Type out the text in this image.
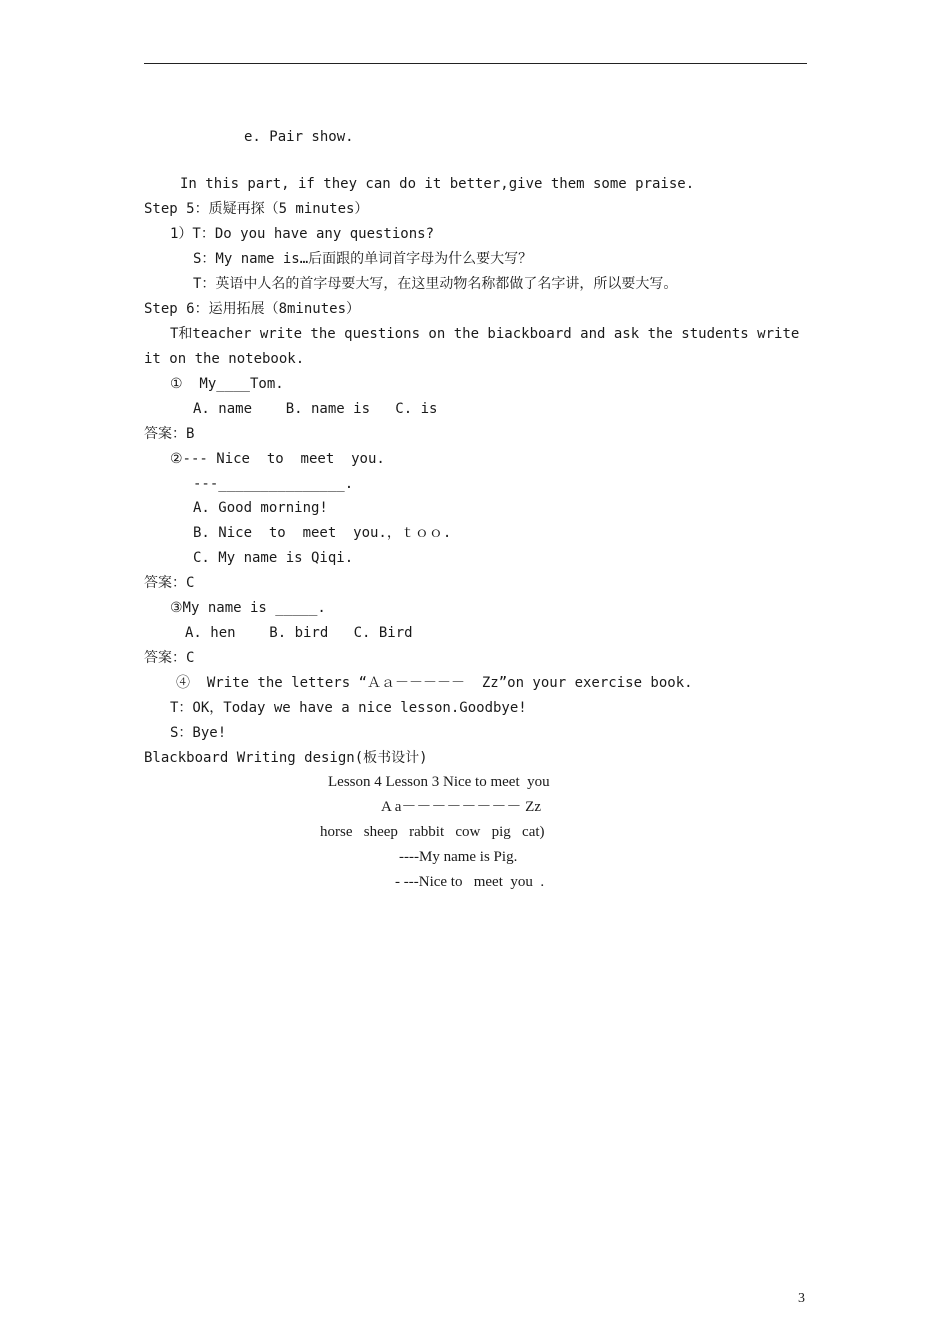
e. Pair show.
In this part, if they can do it better,give them some praise.
Step 5：质疑再探（5 minutes）
1）T：Do you have any questions?
S：My name is…后面跟的单词首字母为什么要大写？
T：英语中人名的首字母要大写，在这里动物名称都做了名字讲，所以要大写。
Step 6：运用拓展（8minutes）
T和teacher write the questions on the biackboard and ask the students write
it on the notebook.
①  My____Tom.
A. name    B. name is   C. is
答案：B
②--- Nice  to  meet  you.
---_______________.
A. Good morning!
B. Nice  to  meet  you.，ｔｏｏ.
C. My name is Qiqi.
答案：C
③My name is _____.
A. hen    B. bird   C. Bird
答案：C
④  Write the letters “Ａａ－－－－－  Zz”on your exercise book.
T：OK，Today we have a nice lesson.Goodbye!
S：Bye!
Blackboard Writing design(板书设计)
Lesson 4 Lesson 3 Nice to meet  you
A a－－－－－－－－ Zz
horse   sheep   rabbit   cow   pig   cat)
----My name is Pig.
- ---Nice to   meet  you  .
3
